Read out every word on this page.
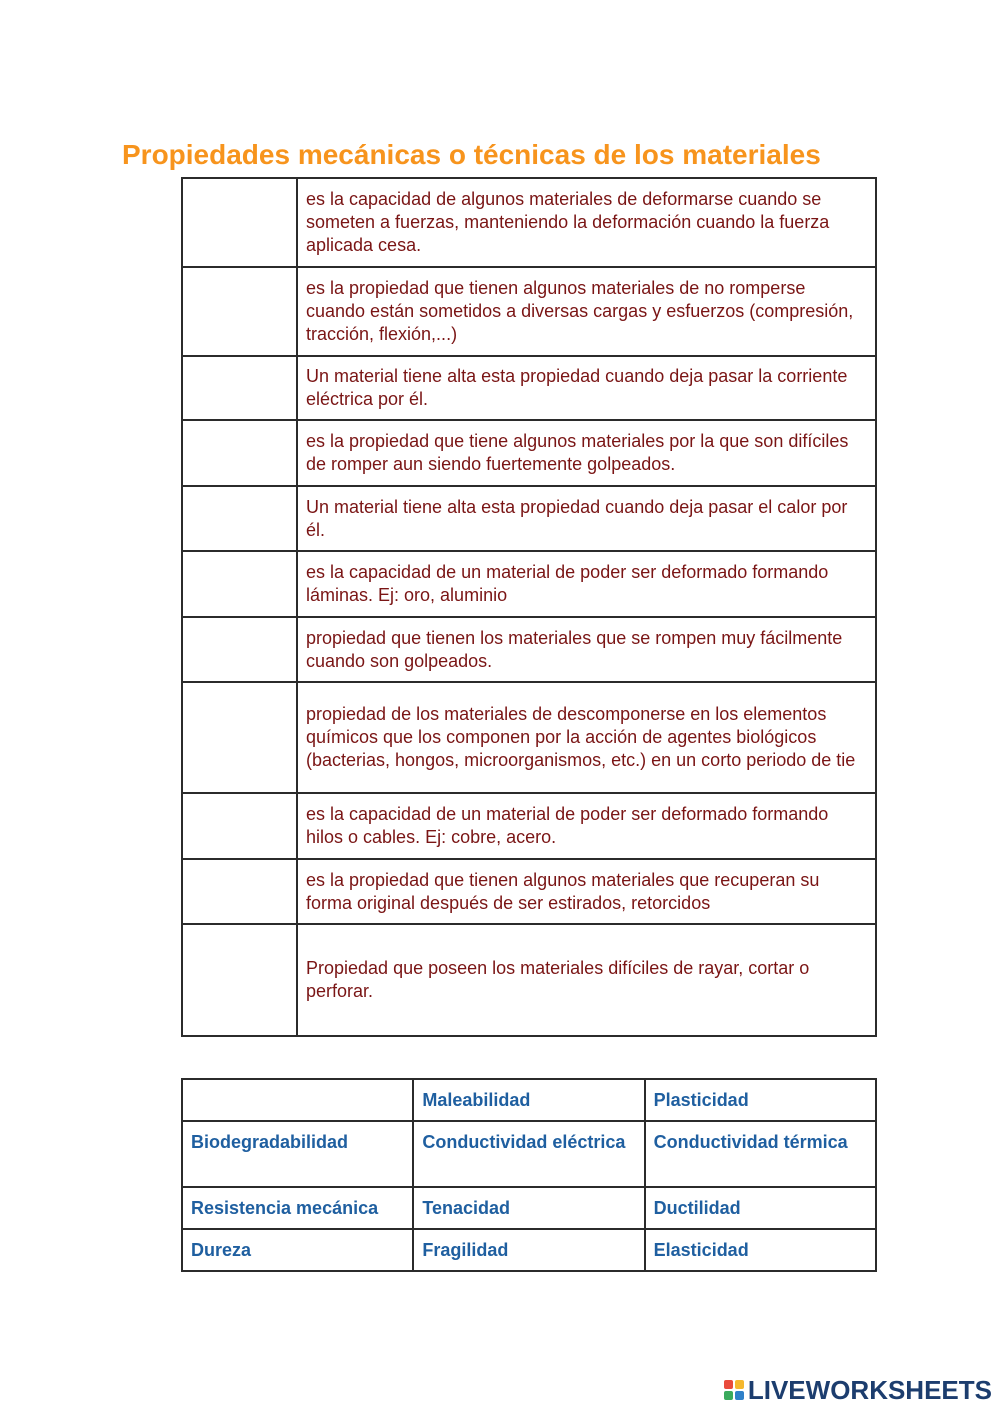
Propiedades mecánicas o técnicas de los materiales
	es la capacidad de algunos materiales de deformarse cuando se someten a fuerzas, manteniendo la deformación cuando la fuerza aplicada cesa.
	es la propiedad que tienen algunos materiales de no romperse cuando están sometidos a diversas cargas y esfuerzos (compresión, tracción, flexión,...)
	Un material tiene alta esta propiedad cuando deja pasar la corriente eléctrica por él.
	es la propiedad que tiene algunos materiales por la que son difíciles de romper aun siendo fuertemente golpeados.
	Un material tiene alta esta propiedad cuando deja pasar el calor por él.
	es la capacidad de un material de poder ser deformado formando láminas. Ej: oro, aluminio
	propiedad que tienen los materiales que se rompen muy fácilmente cuando son golpeados.
	propiedad de los materiales de descomponerse en los elementos químicos que los componen por la acción de agentes biológicos (bacterias, hongos, microorganismos, etc.) en un corto periodo de tie
	es la capacidad de un material de poder ser deformado formando hilos o cables. Ej: cobre, acero.
	es la propiedad que tienen algunos materiales que recuperan su forma original después de ser estirados, retorcidos
	Propiedad que poseen los materiales difíciles de rayar, cortar o perforar.
	Maleabilidad	Plasticidad
Biodegradabilidad	Conductividad eléctrica	Conductividad térmica
Resistencia mecánica	Tenacidad	Ductilidad
Dureza	Fragilidad	Elasticidad
LIVEWORKSHEETS
